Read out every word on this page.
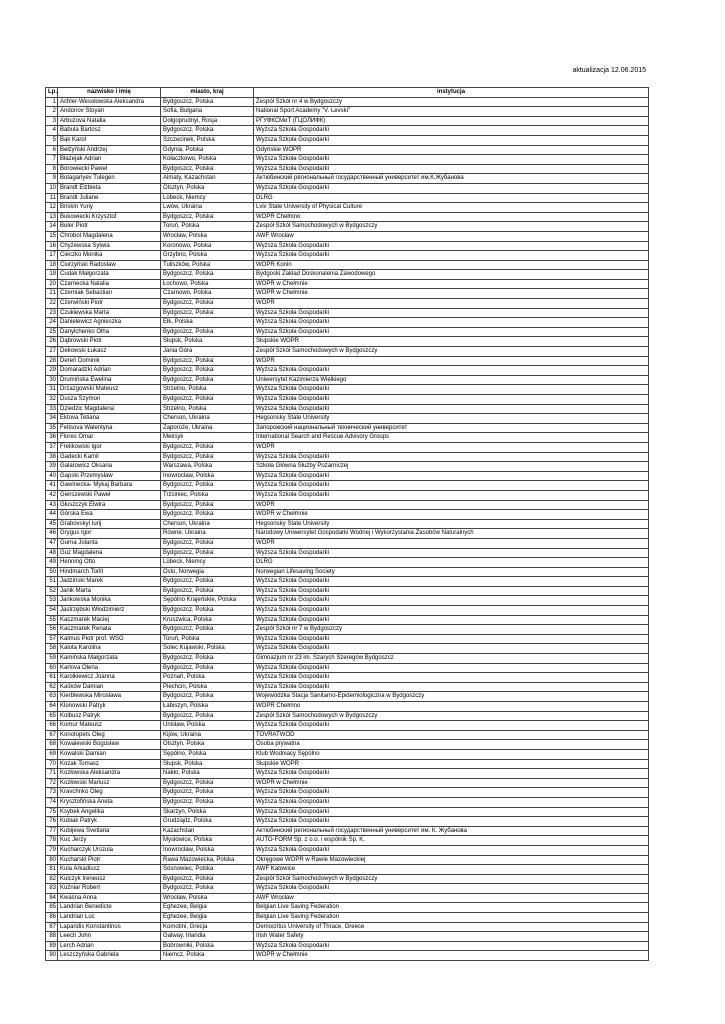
aktualizacja 12.06.2015
Lp.	nazwisko i imię	miasto, kraj	instytucja
1	Achler-Wesołowska Aleksandra	Bydgoszcz, Polska	Zespół Szkół nr 4 w Bydgoszczy
2	Andonov Stoyan	Sofia, Bułgaria	National Sport Academy "V. Levski"
3	Arbuzova Natalia	Dołgoprudnyi, Rosja	РГУФКСМиТ (ГЦОЛИФК)
4	Babula Bartosz	Bydgoszcz, Polska	Wyższa Szkoła Gospodarki
5	Bąk Karol	Szczecinek, Polska	Wyższa Szkoła Gospodarki
6	Bełżyński Andrzej	Gdynia, Polska	Gdyńskie WOPR
7	Błażejak Adrian	Kołaczkowo, Polska	Wyższa Szkoła Gospodarki
8	Borowiecki Paweł	Bydgoszcz, Polska	Wyższa Szkoła Gospodarki
9	Botagariyev Tulegen	Almaty, Kazachstan	Актюбинский региональный государственный университет им.К.Жубанова
10	Brandt Elżbieta	Olsztyn, Polska	Wyższa Szkoła Gospodarki
11	Brandt Juliane	Lübeck, Niemcy	DLRG
12	Briskin Yuriy	Lwów, Ukraina	Lviv State University of Physical Culture
13	Bukowiecki Krzysztof	Bydgoszcz, Polska	WOPR Chełmno
14	Buler Piotr	Toruń, Polska	Zespół Szkół Samochodowych w Bydgoszczy
15	Chrobot Magdalena	Wrocław, Polska	AWF Wrocław
16	Chyżewska Sylwia	Koronowo, Polska	Wyższa Szkoła Gospodarki
17	Cieczko Monika	Grzybno, Polska	Wyższa Szkoła Gospodarki
18	Ciurzyński Radosław	Tuliszków, Polska	WOPR Konin
19	Cudak Małgorzata	Bydgoszcz, Polska	Bydgoski Zakład Doskonalenia Zawodowego
20	Czarnecka Natalia	Łochowo, Polska	WOPR w Chełmnie
21	Czerniak Sebastian	Czarnowo, Polska	WOPR w Chełmnie
22	Czerwiński Piotr	Bydgoszcz, Polska	WOPR
23	Czukiewska Marta	Bydgoszcz, Polska	Wyższa Szkoła Gospodarki
24	Danielewicz Agnieszka	Ełk, Polska	Wyższa Szkoła Gospodarki
25	Danylchenko Olha	Bydgoszcz, Polska	Wyższa Szkoła Gospodarki
26	Dąbrowski Piotr	Słupsk, Polska	Słupskie WOPR
27	Dekowski Łukasz	Jania Góra	Zespół Szkół Samochodowych w Bydgoszczy
28	Dereń Dominik	Bydgoszcz, Polska	WOPR
29	Domaradzki Adrian	Bydgoszcz, Polska	Wyższa Szkoła Gospodarki
30	Drumińska Ewelina	Bydgoszcz, Polska	Uniwersytet Kazimierza Wielkiego
31	Drzazgowski Mateusz	Strzelno, Polska	Wyższa Szkoła Gospodarki
32	Dusza Szymon	Bydgoszcz, Polska	Wyższa Szkoła Gospodarki
33	Dziedzic Magdalena	Strzelno, Polska	Wyższa Szkoła Gospodarki
34	Ektova Tetiana	Cherson, Ukraina	Hegsonsky State University
35	Fetisova Walentyna	Zaporoże, Ukraina	Запорожский национальный технический университет
36	Flores Omar	Meksyk	International Search and Rescue Advisory Groups
37	Frelikowski Igor	Bydgoszcz, Polska	WOPR
38	Gadecki Kamil	Bydgoszcz, Polska	Wyższa Szkoła Gospodarki
39	Galarowicz Oksana	Warszawa, Polska	Szkoła Główna Służby Pożarniczej
40	Gapski Przemysław	Inowrocław, Polska	Wyższa Szkoła Gospodarki
41	Gawinecka- Mykaj Barbara	Bydgoszcz, Polska	Wyższa Szkoła Gospodarki
42	Gierszewski Paweł	Trzciniec, Polska	Wyższa Szkoła Gospodarki
43	Głuszczyk Elwira	Bydgoszcz, Polska	WOPR
44	Górska Ewa	Bydgoszcz, Polska	WOPR w Chełmnie
45	Grabovskyi Iurij	Cherson, Ukraina	Hegsonsky State University
46	Grygus Igor	Równe, Ukraina	Narodowy Uniwersytet Gospodarki Wodnej i Wykorzystania Zasobów Naturalnych
47	Gurna Jolanta	Bydgoszcz, Polska	WOPR
48	Guz Magdalena	Bydgoszcz, Polska	Wyższa Szkoła Gospodarki
49	Henning Otto	Lübeck, Niemcy	DLRG
50	Hindmarch Torill	Oslo, Norwegia	Norwegian Lifesaving Society
51	Jadziński Marek	Bydgoszcz, Polska	Wyższa Szkoła Gospodarki
52	Janik Marta	Bydgoszcz, Polska	Wyższa Szkoła Gospodarki
53	Jankowska Monika	Sępólno Krajeńskie, Polska	Wyższa Szkoła Gospodarki
54	Jastrzębski Włodzimierz	Bydgoszcz, Polska	Wyższa Szkoła Gospodarki
55	Kaczmarek Maciej	Kruszwica, Polska	Wyższa Szkoła Gospodarki
56	Kaczmarek Renata	Bydgoszcz, Polska	Zespół Szkół nr 7 w Bydgoszczy
57	Kalmus Piotr prof. WSG	Toruń, Polska	Wyższa Szkoła Gospodarki
58	Kalota Karolina	Solec Kujawski, Polska	Wyższa Szkoła Gospodarki
59	Kamińska Małgorzata	Bydgoszcz, Polska	Gimnazjum nr 23 im. Szarych Szeregów Bydgoszcz
60	Karlova Olena	Bydgoszcz, Polska	Wyższa Szkoła Gospodarki
61	Karolkiewicz Joanna	Poznań, Polska	Wyższa Szkoła Gospodarki
62	Kaśków Damian	Piechcin, Polska	Wyższa Szkoła Gospodarki
63	Kierblewska Mirosława	Bydgoszcz, Polska	Wojewódzka Stacja Sanitarno-Epidemiologiczna w Bydgoszczy
64	Klonowski Patryk	Łabiszyn, Polska	WOPR Chełmno
65	Kolbusz Patryk	Bydgoszcz, Polska	Zespół Szkół Samochodowych w Bydgoszczy
66	Komur Mateusz	Unisław, Polska	Wyższa Szkoła Gospodarki
67	Konotopets Oleg	Kijów, Ukraina	TOVRATWOD
68	Kowalewski Bogusław	Olsztyn, Polska	Osoba prywatna
69	Kowalski Damian	Sępólno, Polska	Klub Wodniacy Sępólno
70	Kozak Tomasz	Słupsk, Polska	Słupskie WOPR
71	Kozłowska Aleksandra	Nakło, Polska	Wyższa Szkoła Gospodarki
72	Kozłowski Mariusz	Bydgoszcz, Polska	WOPR w Chełmnie
73	Kravchnko Oleg	Bydgoszcz, Polska	Wyższa Szkoła Gospodarki
74	Krysztofińska Aneta	Bydgoszcz, Polska	Wyższa Szkoła Gospodarki
75	Ksybek Angelika	Skarżyn, Polska	Wyższa Szkoła Gospodarki
76	Kubiak Patryk	Grudziądz, Polska	Wyższa Szkoła Gospodarki
77	Kubijewa Svetlana	Kazachstan	Актюбинский региональный государственный университет им. К. Жубанова
78	Kuc Jerzy	Mysłowice, Polska	AUTO-FORM Sp. z o.o. i wspólnik Sp. K.
79	Kucharczyk Urszula	Inowrocław, Polska	Wyższa Szkoła Gospodarki
80	Kucharski Piotr	Rawa Mazowiecka, Polska	Okręgowe WOPR w Rawie Mazowieckiej
81	Kula Arkadiusz	Sosnowiec, Polska	AWF Katowice
82	Kulczyk Ireneusz	Bydgoszcz, Polska	Zespół Szkół Samochodowych w Bydgoszczy
83	Kuźniar Robert	Bydgoszcz, Polska	Wyższa Szkoła Gospodarki
84	Kwaśna Anna	Wrocław, Polska	AWF Wrocław
85	Landrian Benedicte	Eghezee, Belgia	Belgian Live Saving Federation
86	Landrian Luc	Eghezee, Belgia	Belgian Live Saving Federation
87	Laparidis Konstantinos	Komotini, Grecja	Democritus University of Thrace, Greece
88	Leech John	Galway, Irlandia	Irish Water Safety
89	Lerch Adrian	Bobrowniki, Polska	Wyższa Szkoła Gospodarki
90	Leszczyńska Gabriela	Niemcz, Polska	WOPR w Chełmnie
